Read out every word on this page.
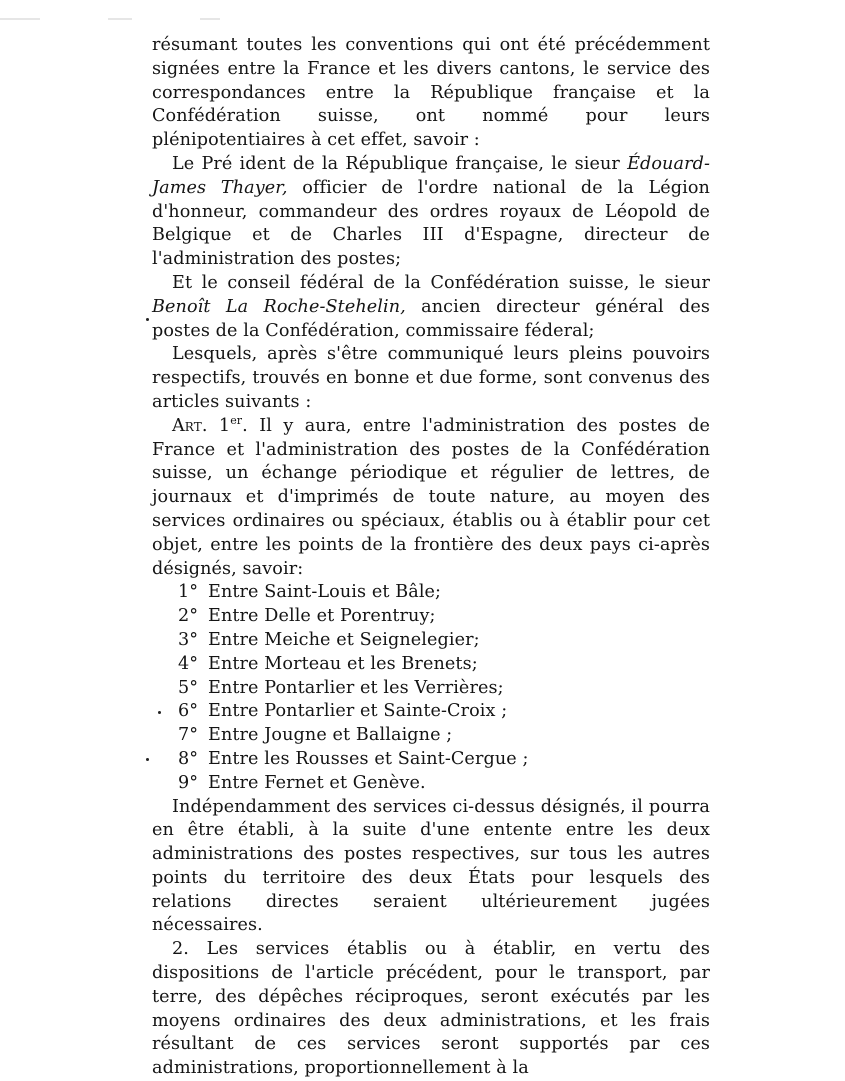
résumant toutes les conventions qui ont été précédemment signées entre la France et les divers cantons, le service des correspondances entre la République française et la Confédération suisse, ont nommé pour leurs plénipotentiaires à cet effet, savoir :

Le Pré ident de la République française, le sieur Édouard-James Thayer, officier de l'ordre national de la Légion d'honneur, commandeur des ordres royaux de Léopold de Belgique et de Charles III d'Espagne, directeur de l'administration des postes;

Et le conseil fédéral de la Confédération suisse, le sieur Benoît La Roche-Stehelin, ancien directeur général des postes de la Confédération, commissaire féderal;

Lesquels, après s'être communiqué leurs pleins pouvoirs respectifs, trouvés en bonne et due forme, sont convenus des articles suivants :

Art. 1er. Il y aura, entre l'administration des postes de France et l'administration des postes de la Confédération suisse, un échange périodique et régulier de lettres, de journaux et d'imprimés de toute nature, au moyen des services ordinaires ou spéciaux, établis ou à établir pour cet objet, entre les points de la frontière des deux pays ci-après désignés, savoir:

1° Entre Saint-Louis et Bâle;
2° Entre Delle et Porentruy;
3° Entre Meiche et Seignelegier;
4° Entre Morteau et les Brenets;
5° Entre Pontarlier et les Verrières;
6° Entre Pontarlier et Sainte-Croix ;
7° Entre Jougne et Ballaigne ;
8° Entre les Rousses et Saint-Cergue ;
9° Entre Fernet et Genève.

Indépendamment des services ci-dessus désignés, il pourra en être établi, à la suite d'une entente entre les deux administrations des postes respectives, sur tous les autres points du territoire des deux États pour lesquels des relations directes seraient ultérieurement jugées nécessaires.

2. Les services établis ou à établir, en vertu des dispositions de l'article précédent, pour le transport, par terre, des dépêches réciproques, seront exécutés par les moyens ordinaires des deux administrations, et les frais résultant de ces services seront supportés par ces administrations, proportionnellement à la
